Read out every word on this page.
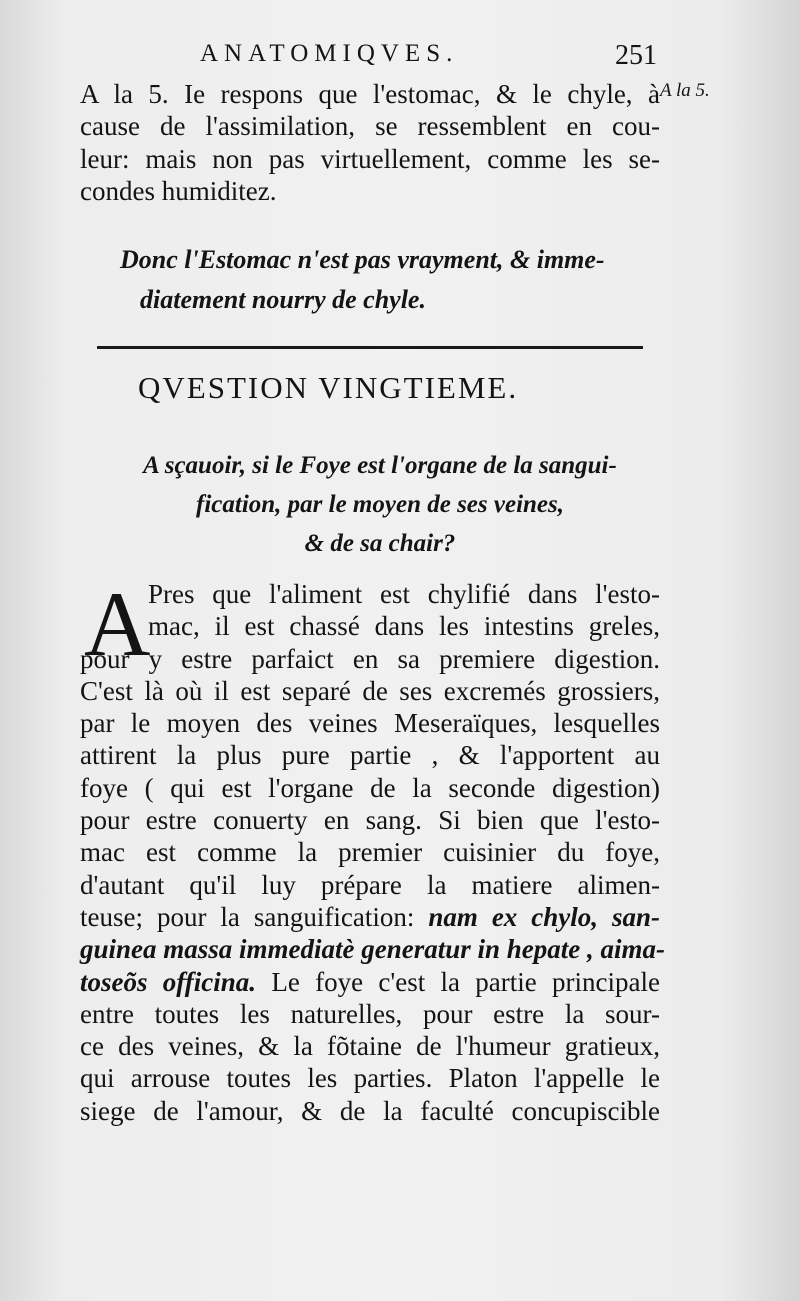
ANATOMIQVES.	251
A la 5.
A la 5. Ie respons que l'estomac, & le chyle, à
cause de l'assimilation, se ressemblent en cou-
leur: mais non pas virtuellement, comme les se-
condes humiditez.
Donc l'Estomac n'est pas vrayment, & imme-
diatement nourry de chyle.
QVESTION VINGTIEME.
A sçauoir, si le Foye est l'organe de la sangui-
fication, par le moyen de ses veines,
& de sa chair?
A
Pres que l'aliment est chylifié dans l'esto-
mac, il est chassé dans les intestins greles,
pour y estre parfaict en sa premiere digestion.
C'est là où il est separé de ses excremés grossiers,
par le moyen des veines Meseraïques, lesquelles
attirent la plus pure partie , & l'apportent au
foye ( qui est l'organe de la seconde digestion)
pour estre conuerty en sang. Si bien que l'esto-
mac est comme la premier cuisinier du foye,
d'autant qu'il luy prépare la matiere alimen-
teuse; pour la sanguification: nam ex chylo, san-
guinea massa immediatè generatur in hepate , aima-
toseõs officina. Le foye c'est la partie principale
entre toutes les naturelles, pour estre la sour-
ce des veines, & la fõtaine de l'humeur gratieux,
qui arrouse toutes les parties. Platon l'appelle le
siege de l'amour, & de la faculté concupiscible
